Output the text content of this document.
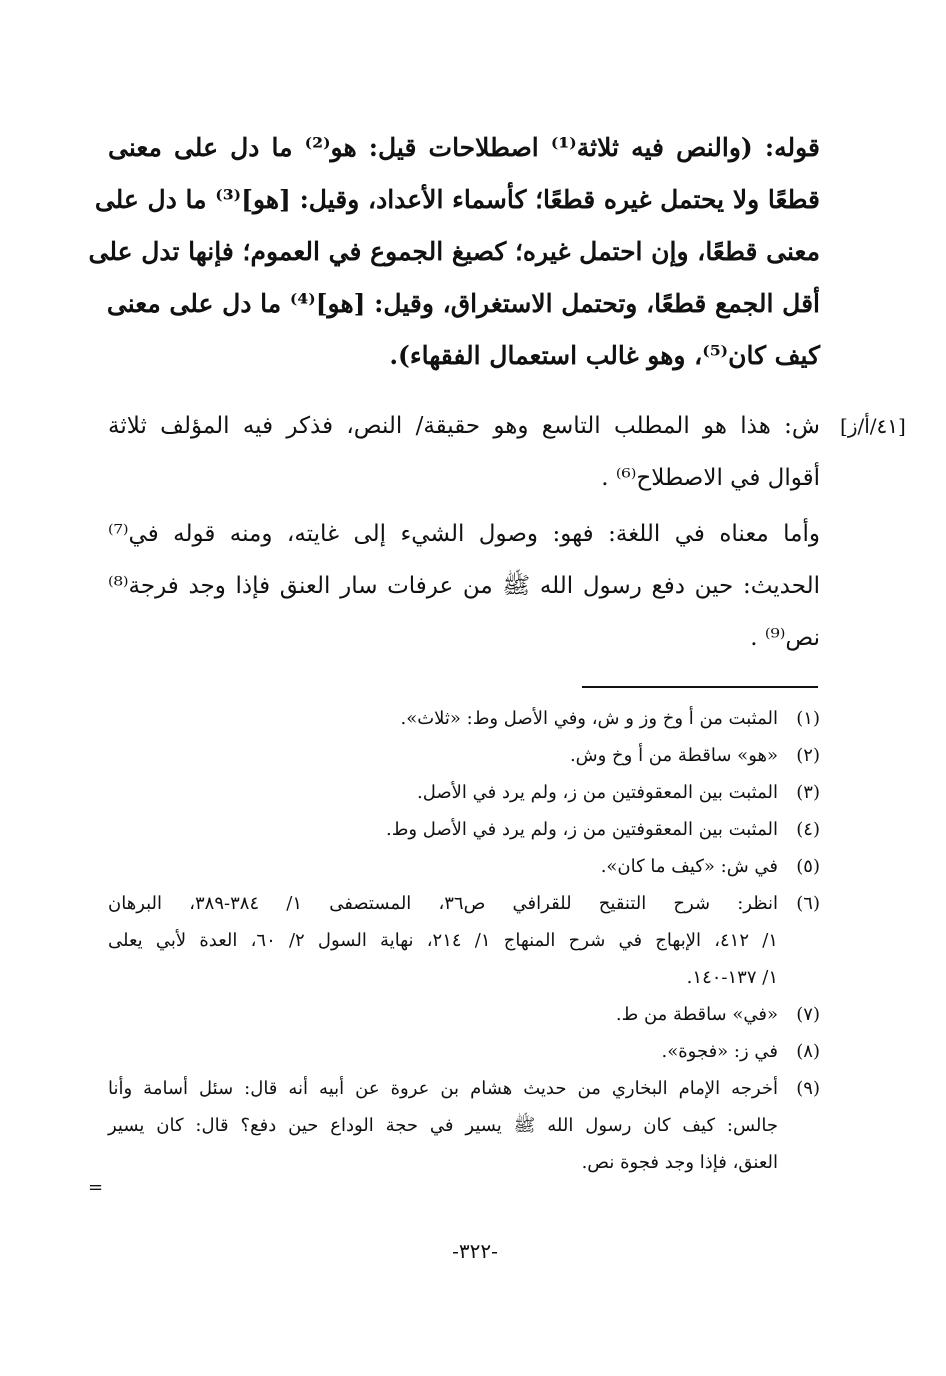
قوله: (والنص فيه ثلاثة⁽¹⁾ اصطلاحات قيل: هو⁽²⁾ ما دل على معنى
قطعًا ولا يحتمل غيره قطعًا؛ كأسماء الأعداد، وقيل: [هو]⁽³⁾ ما دل على
معنى قطعًا، وإن احتمل غيره؛ كصيغ الجموع في العموم؛ فإنها تدل على
أقل الجمع قطعًا، وتحتمل الاستغراق، وقيل: [هو]⁽⁴⁾ ما دل على معنى
كيف كان⁽⁵⁾، وهو غالب استعمال الفقهاء).
[٤١/أ/ز]
ش: هذا هو المطلب التاسع وهو حقيقة/ النص، فذكر فيه المؤلف ثلاثة
أقوال في الاصطلاح⁽⁶⁾ .
وأما معناه في اللغة: فهو: وصول الشيء إلى غايته، ومنه قوله في⁽⁷⁾
الحديث: حين دفع رسول الله ﷺ من عرفات سار العنق فإذا وجد فرجة⁽⁸⁾
نص⁽⁹⁾ .
(١)
المثبت من أ وخ وز و ش، وفي الأصل وط: «ثلاث».
(٢)
«هو» ساقطة من أ وخ وش.
(٣)
المثبت بين المعقوفتين من ز، ولم يرد في الأصل.
(٤)
المثبت بين المعقوفتين من ز، ولم يرد في الأصل وط.
(٥)
في ش: «كيف ما كان».
(٦)
انظر: شرح التنقيح للقرافي ص٣٦، المستصفى ١/ ٣٨٤-٣٨٩، البرهان
١/ ٤١٢، الإبهاج في شرح المنهاج ١/ ٢١٤، نهاية السول ٢/ ٦٠، العدة لأبي يعلى
١/ ١٣٧-١٤٠.
(٧)
«في» ساقطة من ط.
(٨)
في ز: «فجوة».
(٩)
أخرجه الإمام البخاري من حديث هشام بن عروة عن أبيه أنه قال: سئل أسامة وأنا
جالس: كيف كان رسول الله ﷺ يسير في حجة الوداع حين دفع؟ قال: كان يسير
العنق، فإذا وجد فجوة نص.
=
-٣٢٢-
